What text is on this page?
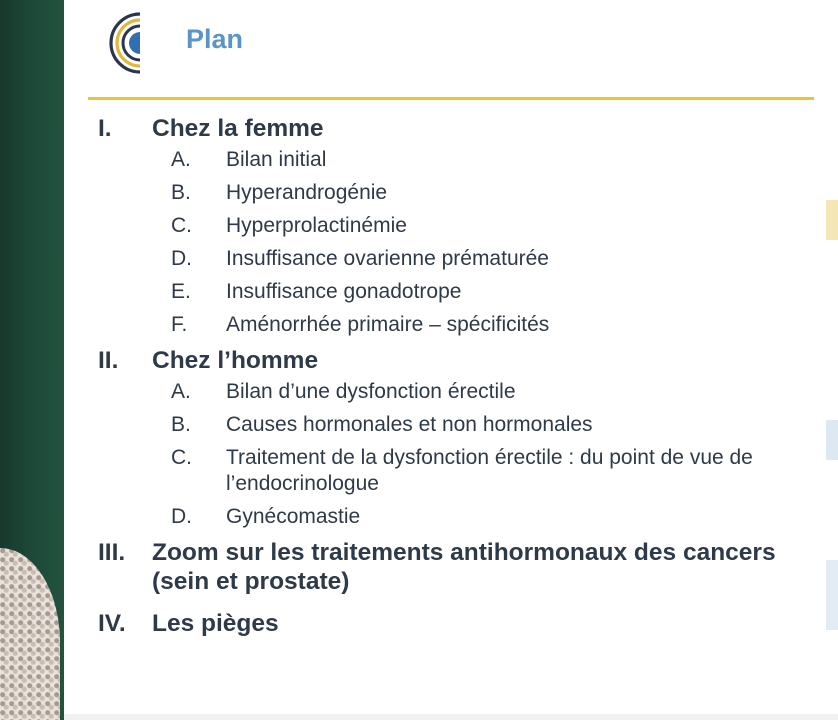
Plan
I.	Chez la femme
A.	Bilan initial
B.	Hyperandrogénie
C.	Hyperprolactinémie
D.	Insuffisance ovarienne prématurée
E.	Insuffisance gonadotrope
F.	Aménorrhée primaire – spécificités
II.	Chez l’homme
A.	Bilan d’une dysfonction érectile
B.	Causes hormonales et non hormonales
C.	Traitement de la dysfonction érectile : du point de vue de l’endocrinologue
D.	Gynécomastie
III.	Zoom sur les traitements antihormonaux des cancers (sein et prostate)
IV.	Les pièges
